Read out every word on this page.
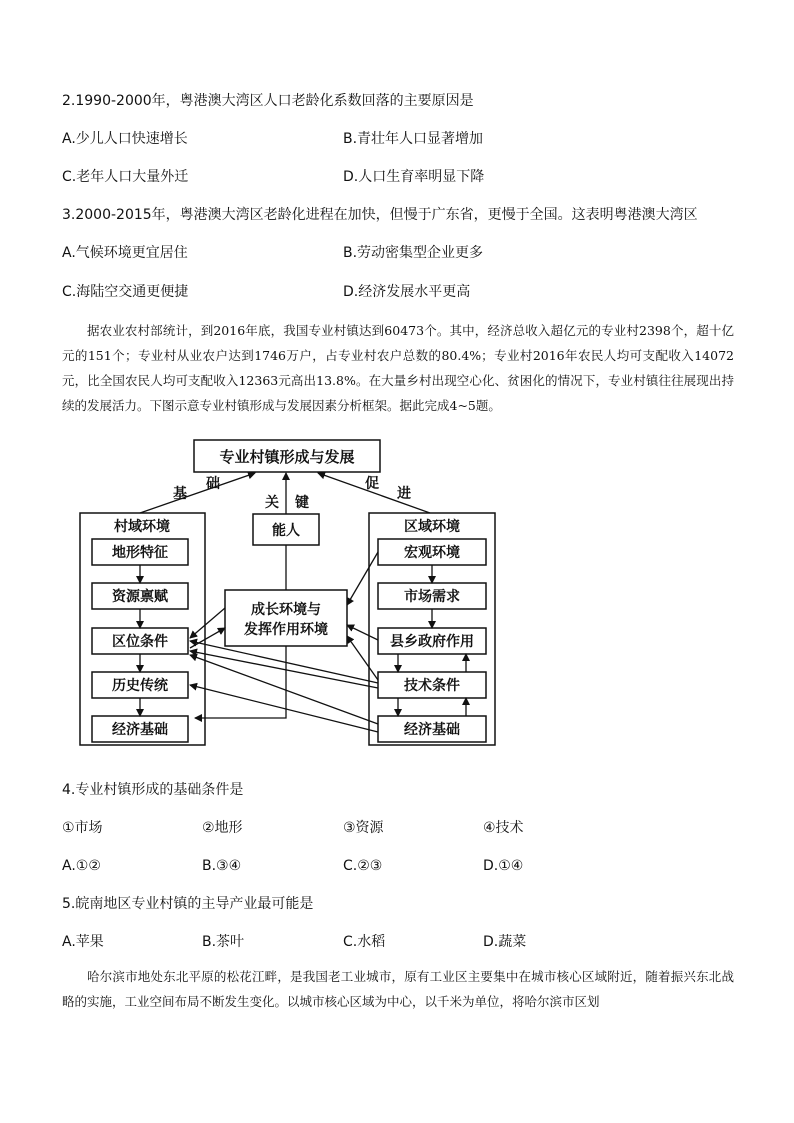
2.1990-2000年，粤港澳大湾区人口老龄化系数回落的主要原因是
A.少儿人口快速增长	B.青壮年人口显著增加
C.老年人口大量外迁	D.人口生育率明显下降
3.2000-2015年，粤港澳大湾区老龄化进程在加快，但慢于广东省，更慢于全国。这表明粤港澳大湾区
A.气候环境更宜居住	B.劳动密集型企业更多
C.海陆空交通更便捷	D.经济发展水平更高
据农业农村部统计，到2016年底，我国专业村镇达到60473个。其中，经济总收入超亿元的专业村2398个，超十亿元的151个；专业村从业农户达到1746万户，占专业村农户总数的80.4%；专业村2016年农民人均可支配收入14072元，比全国农民人均可支配收入12363元高出13.8%。在大量乡村出现空心化、贫困化的情况下，专业村镇往往展现出持续的发展活力。下图示意专业村镇形成与发展因素分析框架。据此完成4~5题。
专业村镇形成与发展
基
础
关 键
促
进
能人
成长环境与
发挥作用环境
村域环境
地形特征
资源禀赋
区位条件
历史传统
经济基础
区域环境
宏观环境
市场需求
县乡政府作用
技术条件
经济基础
4.专业村镇形成的基础条件是
①市场	②地形	③资源	④技术
A.①②	B.③④	C.②③	D.①④
5.皖南地区专业村镇的主导产业最可能是
A.苹果	B.茶叶	C.水稻	D.蔬菜
哈尔滨市地处东北平原的松花江畔，是我国老工业城市，原有工业区主要集中在城市核心区域附近，随着振兴东北战略的实施，工业空间布局不断发生变化。以城市核心区域为中心，以千米为单位，将哈尔滨市区划
